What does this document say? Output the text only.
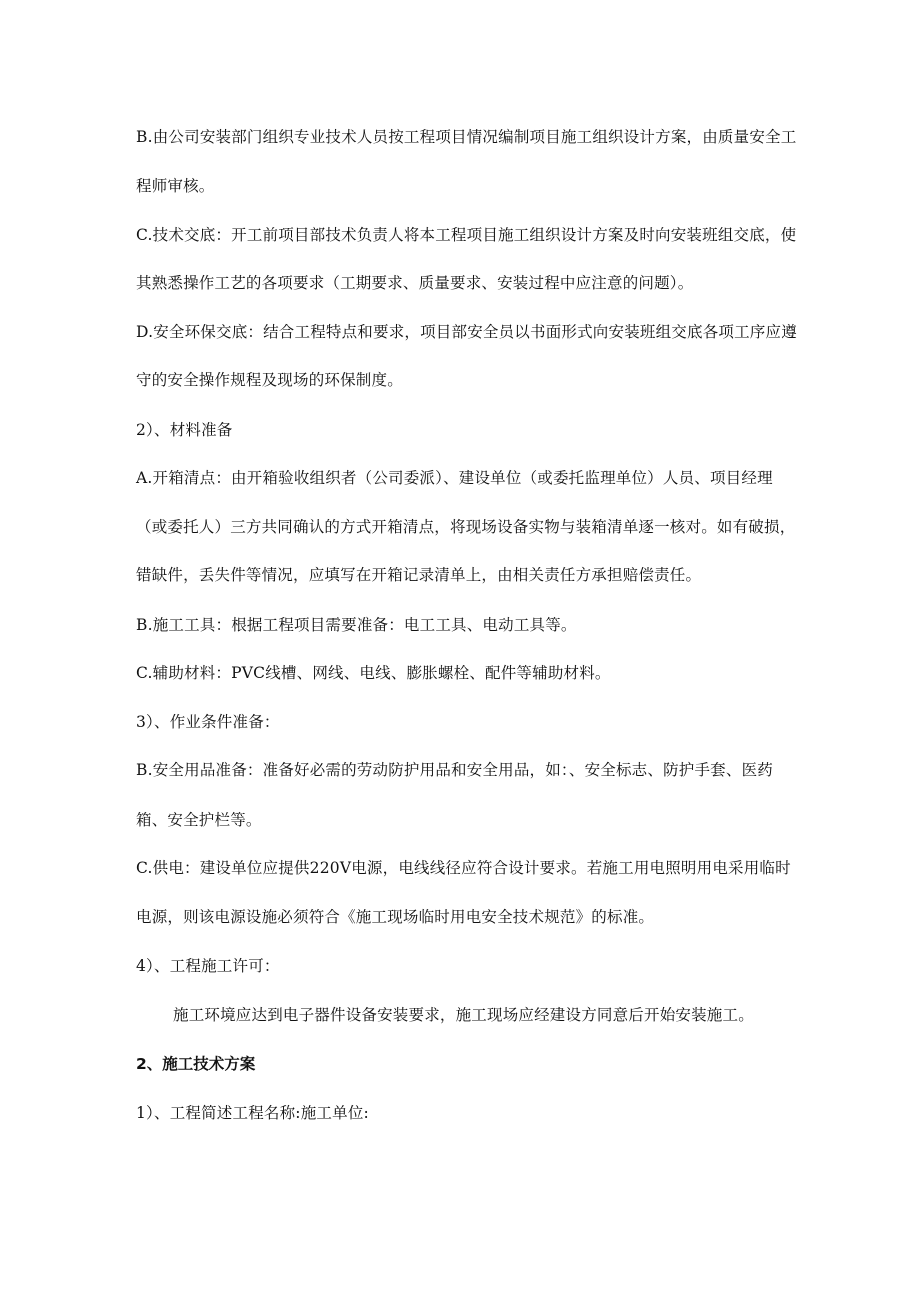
B.由公司安装部门组织专业技术人员按工程项目情况编制项目施工组织设计方案，由质量安全工
程师审核。
C.技术交底：开工前项目部技术负责人将本工程项目施工组织设计方案及时向安装班组交底，使
其熟悉操作工艺的各项要求（工期要求、质量要求、安装过程中应注意的问题）。
D.安全环保交底：结合工程特点和要求，项目部安全员以书面形式向安装班组交底各项工序应遵
守的安全操作规程及现场的环保制度。
2）、材料准备
A.开箱清点：由开箱验收组织者（公司委派）、建设单位（或委托监理单位）人员、项目经理
（或委托人）三方共同确认的方式开箱清点，将现场设备实物与装箱清单逐一核对。如有破损，
错缺件，丢失件等情况，应填写在开箱记录清单上，由相关责任方承担赔偿责任。
B.施工工具：根据工程项目需要准备：电工工具、电动工具等。
C.辅助材料：PVC线槽、网线、电线、膨胀螺栓、配件等辅助材料。
3）、作业条件准备：
B.安全用品准备：准备好必需的劳动防护用品和安全用品，如：、安全标志、防护手套、医药
箱、安全护栏等。
C.供电：建设单位应提供220V电源，电线线径应符合设计要求。若施工用电照明用电采用临时
电源，则该电源设施必须符合《施工现场临时用电安全技术规范》的标准。
4）、工程施工许可：
施工环境应达到电子器件设备安装要求，施工现场应经建设方同意后开始安装施工。
2、施工技术方案
1）、工程简述工程名称:施工单位:
